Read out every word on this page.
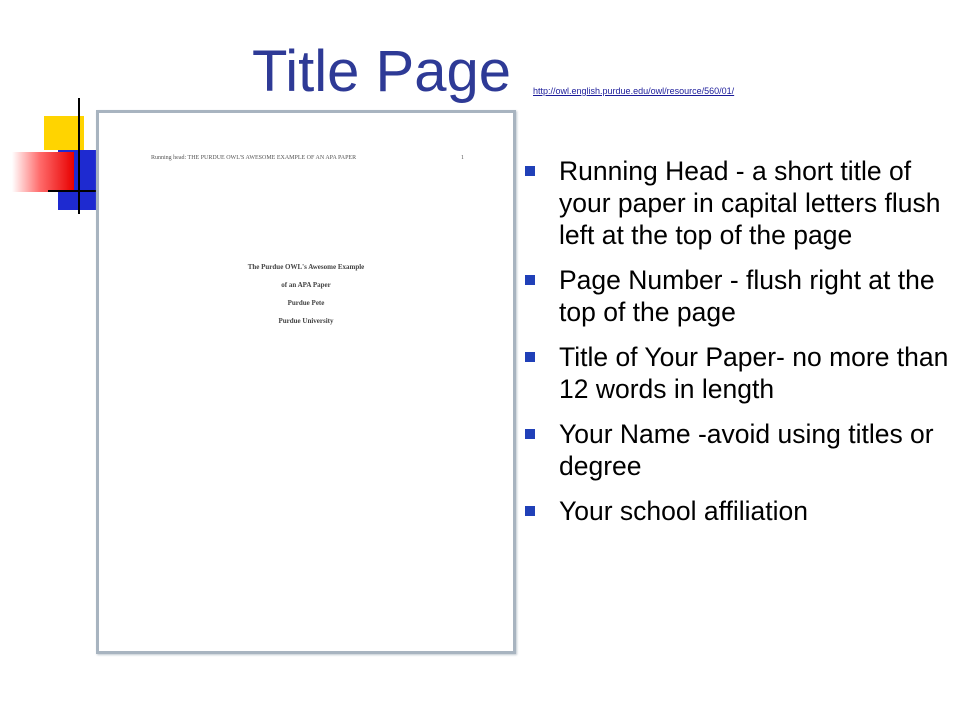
Title Page http://owl.english.purdue.edu/owl/resource/560/01/
Running head: THE PURDUE OWL'S AWESOME EXAMPLE OF AN APA PAPER	1
The Purdue OWL's Awesome Example
of an APA Paper
Purdue Pete
Purdue University
Running Head - a short title of your paper in capital letters flush left at the top of the page
Page Number - flush right at the top of the page
Title of Your Paper- no more than 12 words in length
Your Name -avoid using titles or degree
Your school affiliation
